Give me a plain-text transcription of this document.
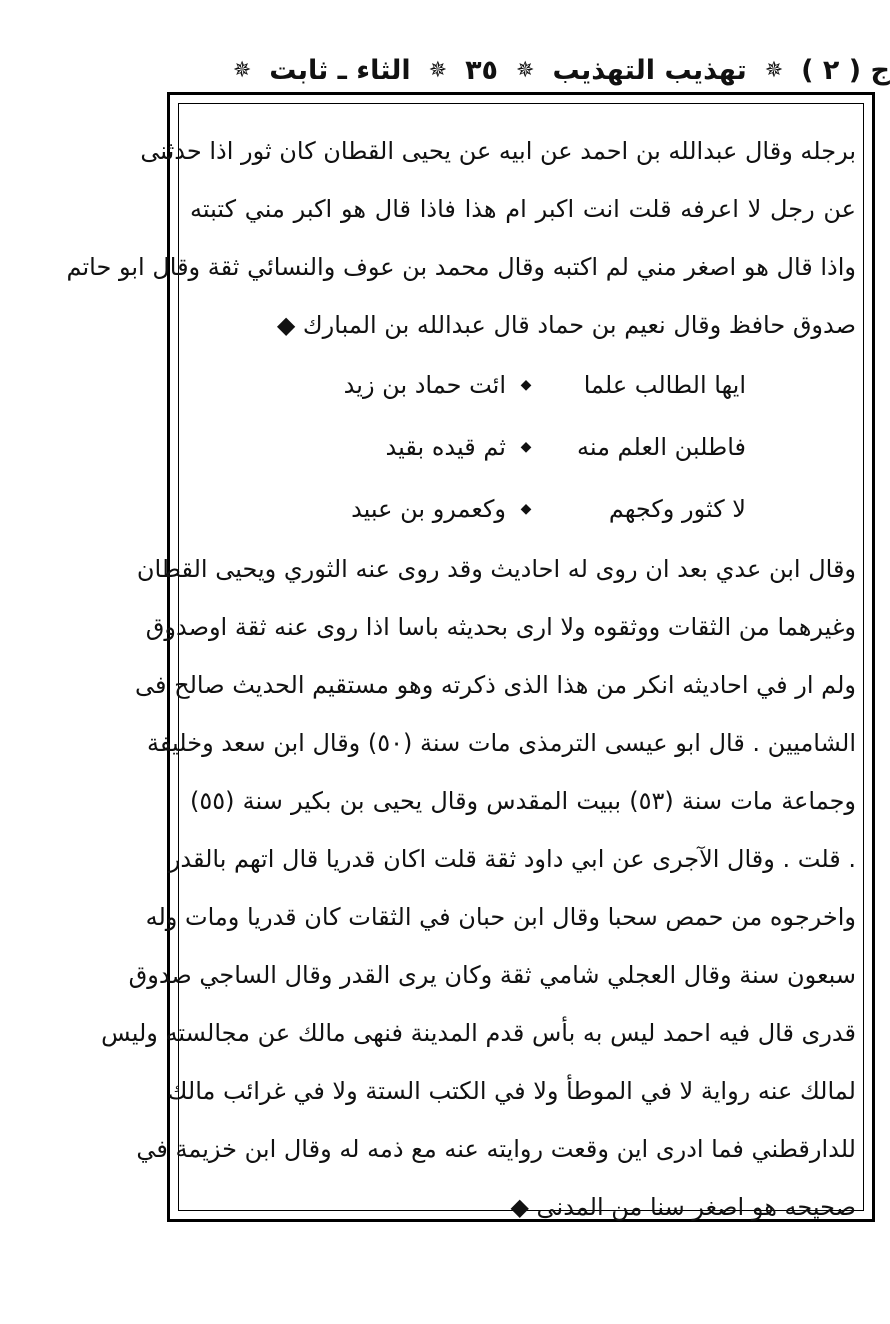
ج ( ٢ )
✵
تهذيب التهذيب
✵
٣٥
✵
الثاء ـ ثابت
✵
برجله وقال عبدالله بن احمد عن ابيه عن يحيى القطان كان ثور اذا حدثنى
عن رجل لا اعرفه قلت انت اكبر ام هذا فاذا قال هو اكبر مني كتبته
واذا قال هو اصغر مني لم اكتبه وقال محمد بن عوف والنسائي ثقة وقال ابو حاتم
صدوق حافظ وقال نعيم بن حماد قال عبدالله بن المبارك ◆
ايها الطالب علما
◆
ائت حماد بن زيد
فاطلبن العلم منه
◆
ثم قيده بقيد
لا كثور وكجهم
◆
وكعمرو بن عبيد
وقال ابن عدي بعد ان روى له احاديث وقد روى عنه الثوري ويحيى القطان
وغيرهما من الثقات ووثقوه ولا ارى بحديثه باسا اذا روى عنه ثقة اوصدوق
ولم ار في احاديثه انكر من هذا الذى ذكرته وهو مستقيم الحديث صالح فى
الشاميين . قال ابو عيسى الترمذى مات سنة (٥٠) وقال ابن سعد وخليفة
وجماعة مات سنة (٥٣) ببيت المقدس وقال يحيى بن بكير سنة (٥٥)
. قلت . وقال الآجرى عن ابي داود ثقة قلت اكان قدريا قال اتهم بالقدر
واخرجوه من حمص سحبا وقال ابن حبان في الثقات كان قدريا ومات وله
سبعون سنة وقال العجلي شامي ثقة وكان يرى القدر وقال الساجي صدوق
قدرى قال فيه احمد ليس به بأس قدم المدينة فنهى مالك عن مجالسته وليس
لمالك عنه رواية لا في الموطأ ولا في الكتب الستة ولا في غرائب مالك
للدارقطني فما ادرى اين وقعت روايته عنه مع ذمه له وقال ابن خزيمة في
صحيحه هو اصغر سنا من المدنى ◆
